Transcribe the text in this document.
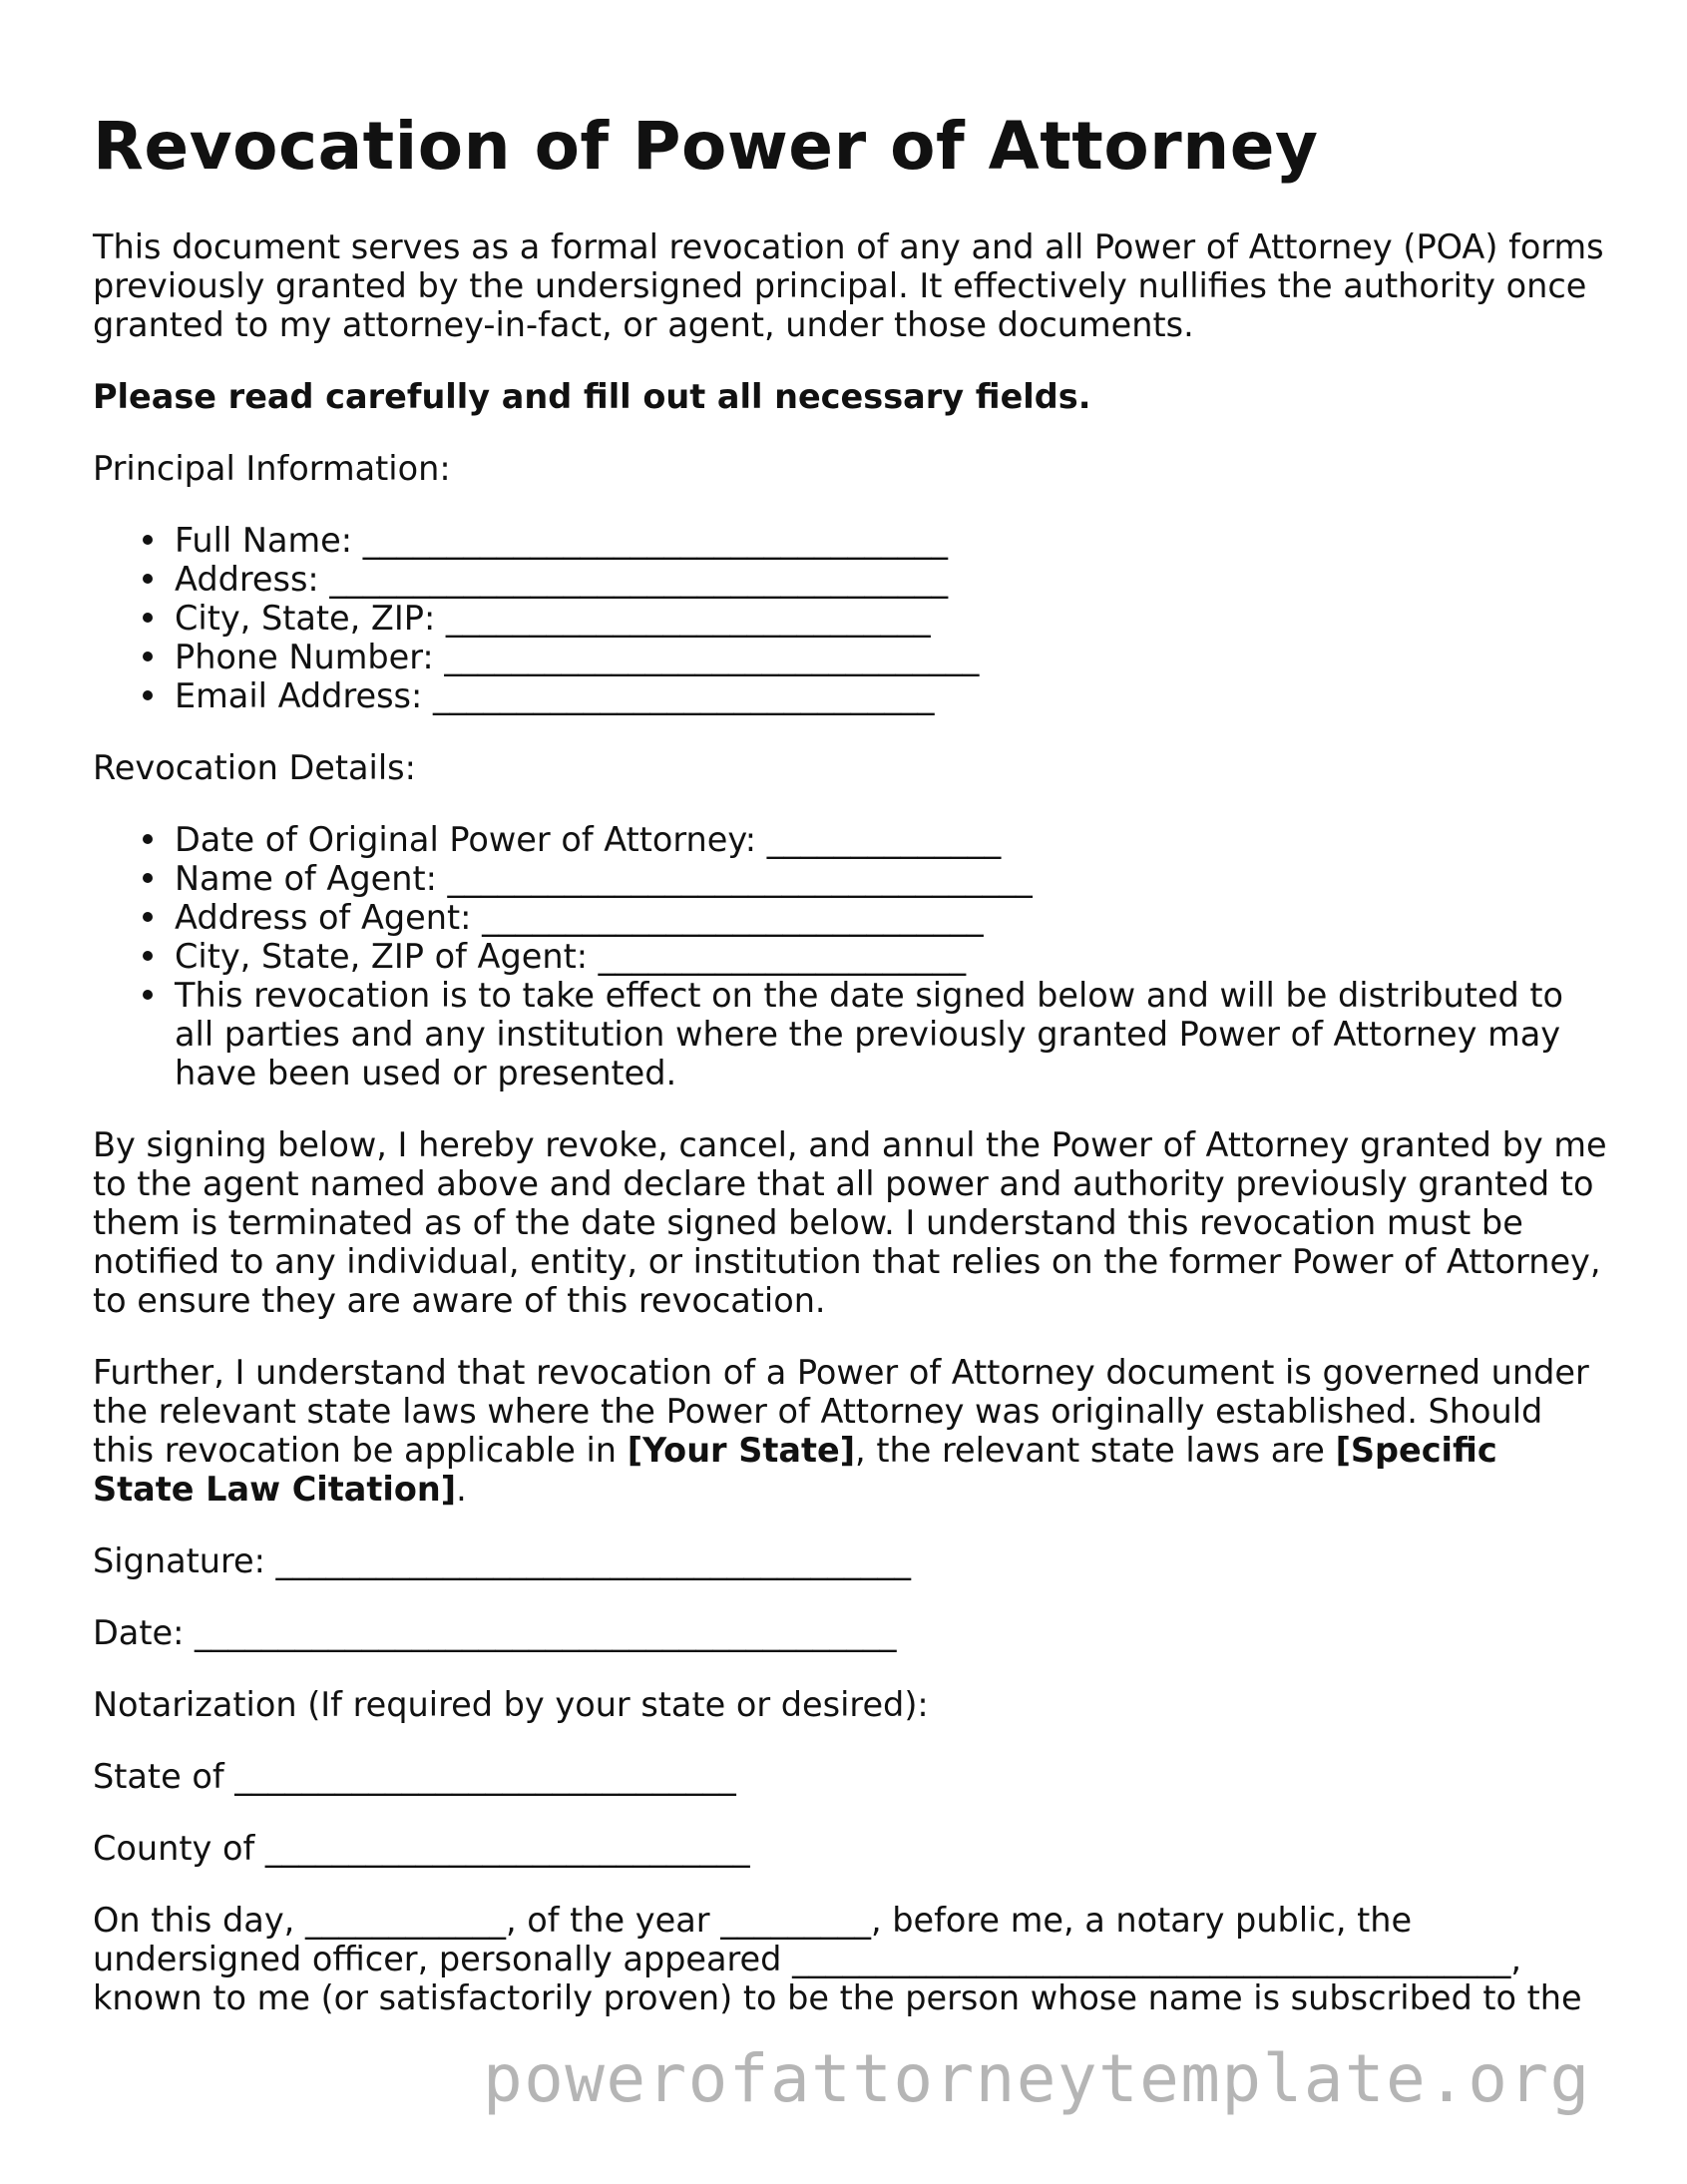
Revocation of Power of Attorney

This document serves as a formal revocation of any and all Power of Attorney (POA) forms previously granted by the undersigned principal. It effectively nullifies the authority once granted to my attorney-in-fact, or agent, under those documents.

Please read carefully and fill out all necessary fields.

Principal Information:

Full Name: ___________________________________
Address: _____________________________________
City, State, ZIP: _____________________________
Phone Number: ________________________________
Email Address: ______________________________

Revocation Details:

Date of Original Power of Attorney: ______________
Name of Agent: ___________________________________
Address of Agent: ______________________________
City, State, ZIP of Agent: ______________________
This revocation is to take effect on the date signed below and will be distributed to all parties and any institution where the previously granted Power of Attorney may have been used or presented.

By signing below, I hereby revoke, cancel, and annul the Power of Attorney granted by me to the agent named above and declare that all power and authority previously granted to them is terminated as of the date signed below. I understand this revocation must be notified to any individual, entity, or institution that relies on the former Power of Attorney, to ensure they are aware of this revocation.

Further, I understand that revocation of a Power of Attorney document is governed under the relevant state laws where the Power of Attorney was originally established. Should this revocation be applicable in [Your State], the relevant state laws are [Specific State Law Citation].

Signature: ______________________________________

Date: __________________________________________

Notarization (If required by your state or desired):

State of ______________________________

County of _____________________________

On this day, ____________, of the year _________, before me, a notary public, the undersigned officer, personally appeared ___________________________________________, known to me (or satisfactorily proven) to be the person whose name is subscribed to the

powerofattorneytemplate.org
